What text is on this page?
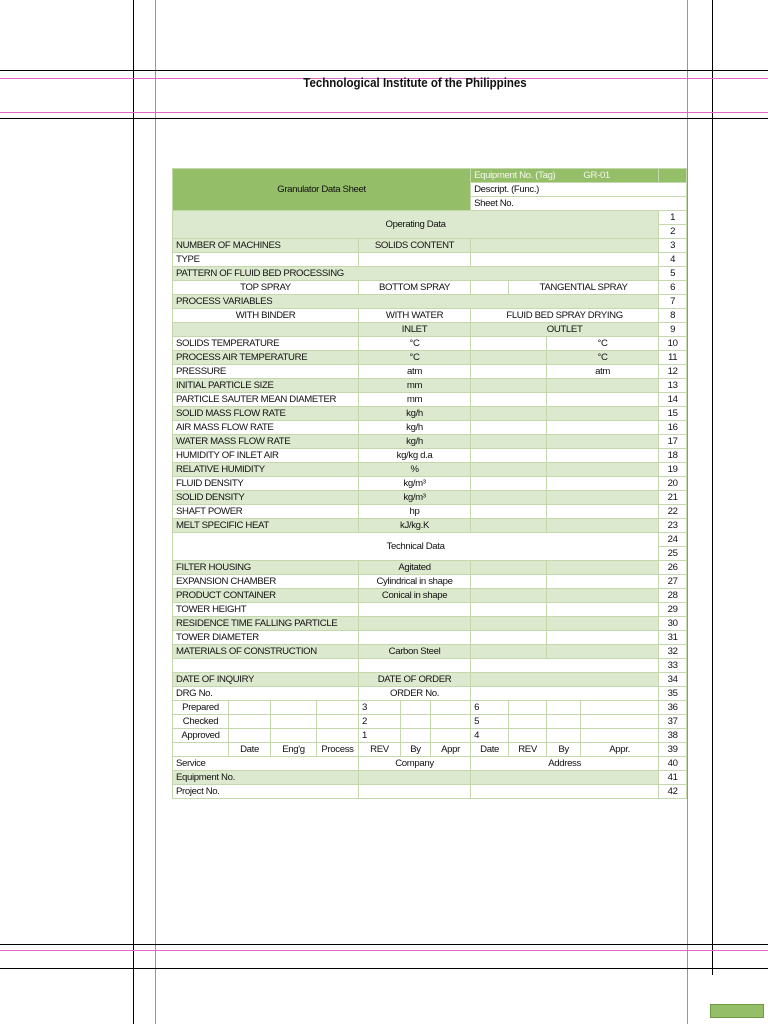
Technological Institute of the Philippines
Granulator Data Sheet							Equipment No. (Tag) GR-01				

							Descript. (Func.)				
							Sheet No.				
Operating Data											1
											2
NUMBER OF MACHINES				SOLIDS CONTENT							3
TYPE											4
PATTERN OF FLUID BED PROCESSING											5
TOP SPRAY				BOTTOM SPRAY				TANGENTIAL SPRAY			6
PROCESS VARIABLES											7
WITH BINDER				WITH WATER			FLUID BED SPRAY DRYING				8
				INLET			OUTLET				9
SOLIDS TEMPERATURE				°C					°C		10
PROCESS AIR TEMPERATURE				°C					°C		11
PRESSURE				atm					atm		12
INITIAL PARTICLE SIZE				mm							13
PARTICLE SAUTER MEAN DIAMETER				mm							14
SOLID MASS FLOW RATE				kg/h							15
AIR MASS FLOW RATE				kg/h							16
WATER MASS FLOW RATE				kg/h							17
HUMIDITY OF INLET AIR				kg/kg d.a							18
RELATIVE HUMIDITY				%							19
FLUID DENSITY				kg/m³							20
SOLID DENSITY				kg/m³							21
SHAFT POWER				hp							22
MELT SPECIFIC HEAT				kJ/kg.K							23
Technical Data											24
											25
FILTER HOUSING				Agitated							26
EXPANSION CHAMBER				Cylindrical in shape							27
PRODUCT CONTAINER				Conical in shape							28
TOWER HEIGHT											29
RESIDENCE TIME FALLING PARTICLE											30
TOWER DIAMETER											31
MATERIALS OF CONSTRUCTION				Carbon Steel							32
											33
DATE OF INQUIRY				DATE OF ORDER							34
DRG No.				ORDER No.							35
Prepared				3			6				36
Checked				2			5				37
Approved				1			4				38
	Date	Eng'g	Process	REV	By	Appr	Date	REV	By	Appr.	39
Service				Company			Address				40
Equipment No.											41
Project No.											42
